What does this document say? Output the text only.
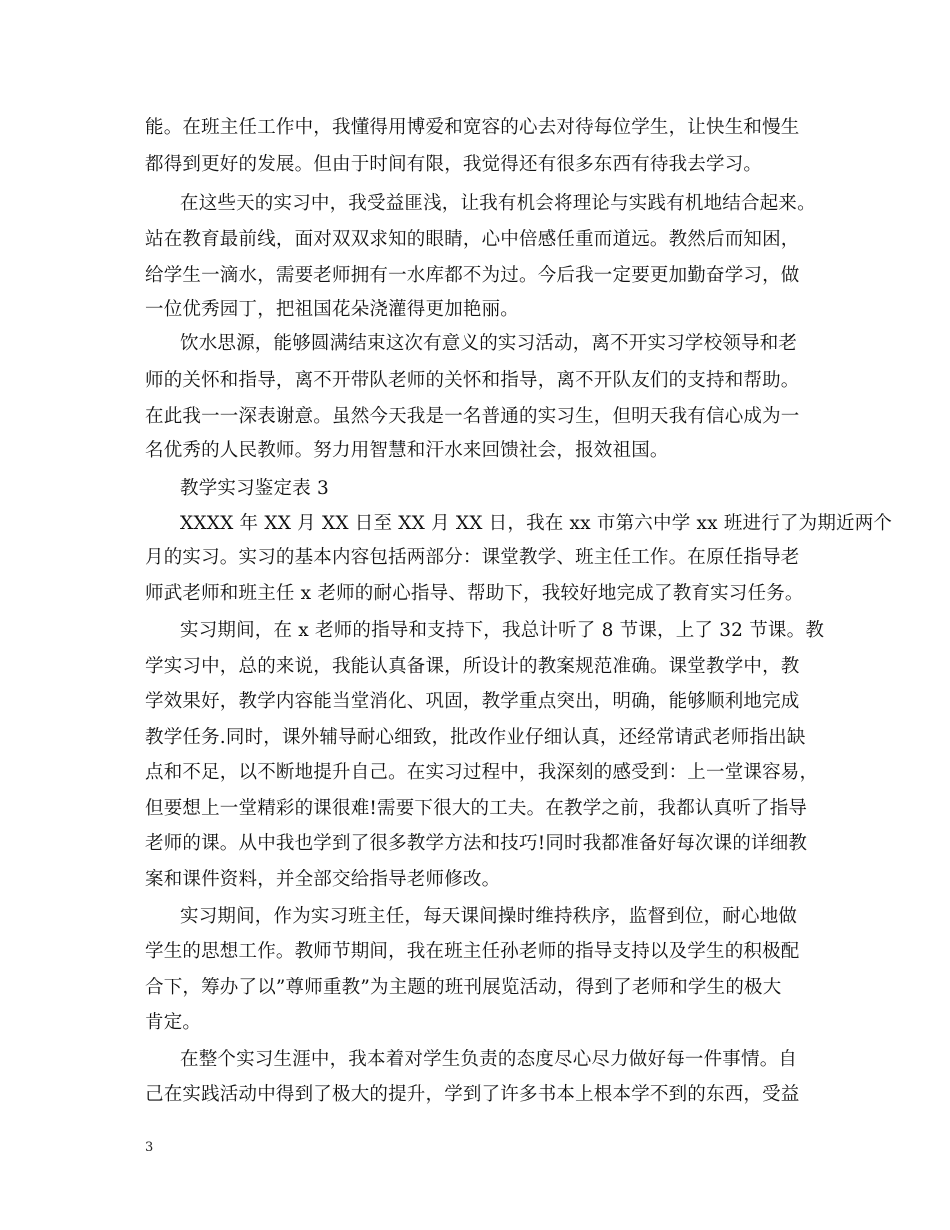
能。在班主任工作中，我懂得用博爱和宽容的心去对待每位学生，让快生和慢生
都得到更好的发展。但由于时间有限，我觉得还有很多东西有待我去学习。
在这些天的实习中，我受益匪浅，让我有机会将理论与实践有机地结合起来。
站在教育最前线，面对双双求知的眼睛，心中倍感任重而道远。教然后而知困，
给学生一滴水，需要老师拥有一水库都不为过。今后我一定要更加勤奋学习，做
一位优秀园丁，把祖国花朵浇灌得更加艳丽。
饮水思源，能够圆满结束这次有意义的实习活动，离不开实习学校领导和老
师的关怀和指导，离不开带队老师的关怀和指导，离不开队友们的支持和帮助。
在此我一一深表谢意。虽然今天我是一名普通的实习生，但明天我有信心成为一
名优秀的人民教师。努力用智慧和汗水来回馈社会，报效祖国。
教学实习鉴定表 3
XXXX 年 XX 月 XX 日至 XX 月 XX 日，我在 xx 市第六中学 xx 班进行了为期近两个
月的实习。实习的基本内容包括两部分：课堂教学、班主任工作。在原任指导老
师武老师和班主任 x 老师的耐心指导、帮助下，我较好地完成了教育实习任务。
实习期间，在 x 老师的指导和支持下，我总计听了 8 节课，上了 32 节课。教
学实习中，总的来说，我能认真备课，所设计的教案规范准确。课堂教学中，教
学效果好，教学内容能当堂消化、巩固，教学重点突出，明确，能够顺利地完成
教学任务.同时，课外辅导耐心细致，批改作业仔细认真，还经常请武老师指出缺
点和不足，以不断地提升自己。在实习过程中，我深刻的感受到：上一堂课容易，
但要想上一堂精彩的课很难!需要下很大的工夫。在教学之前，我都认真听了指导
老师的课。从中我也学到了很多教学方法和技巧!同时我都准备好每次课的详细教
案和课件资料，并全部交给指导老师修改。
实习期间，作为实习班主任，每天课间操时维持秩序，监督到位，耐心地做
学生的思想工作。教师节期间，我在班主任孙老师的指导支持以及学生的积极配
合下，筹办了以”尊师重教”为主题的班刊展览活动，得到了老师和学生的极大
肯定。
在整个实习生涯中，我本着对学生负责的态度尽心尽力做好每一件事情。自
己在实践活动中得到了极大的提升，学到了许多书本上根本学不到的东西，受益
3
